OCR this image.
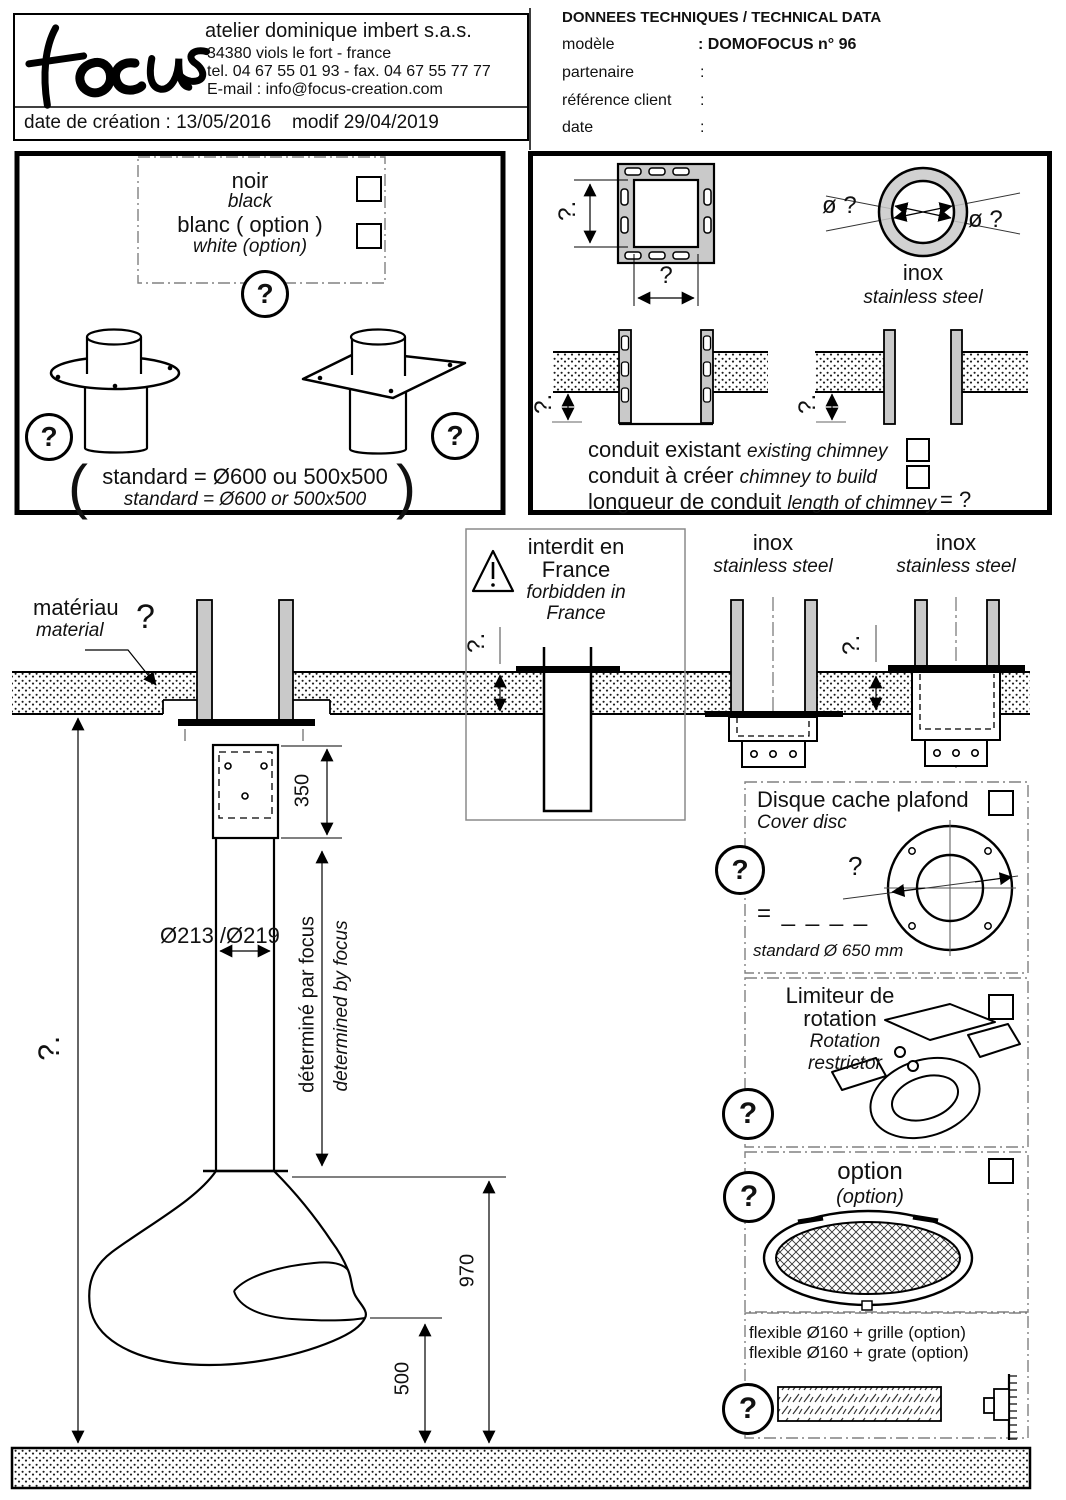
atelier dominique imbert s.a.s.
34380 viols le fort - france
tel. 04 67 55 01 93 - fax. 04 67 55 77 77
E-mail : info@focus-creation.com
date de création : 13/05/2016 modif 29/04/2019
DONNEES TECHNIQUES / TECHNICAL DATA
modèle	: DOMOFOCUS n° 96
partenaire	:
référence client :
date	:
noir
black
blanc ( option )
white (option)
(	)
standard = Ø600 ou 500x500
standard = Ø600 or 500x500
?.
?
ø ?
ø ?
inox
stainless steel
?.	?.
conduit existant existing chimney
conduit à créer chimney to build
longueur de conduit length of chimney = ?
interdit en
France
forbidden in
France
inox
stainless steel
inox
stainless steel
matériau
material ?
?.	?.
350
Ø213 /Ø219 déterminé par focus determined by focus
970
500
?.
Disque cache plafond
Cover disc
= _ _ _ _
standard Ø 650 mm
?
Limiteur de
rotation
Rotation
restrictor
option
(option)
flexible Ø160 + grille (option)
flexible Ø160 + grate (option)
?
?	?
?
?
?
?
